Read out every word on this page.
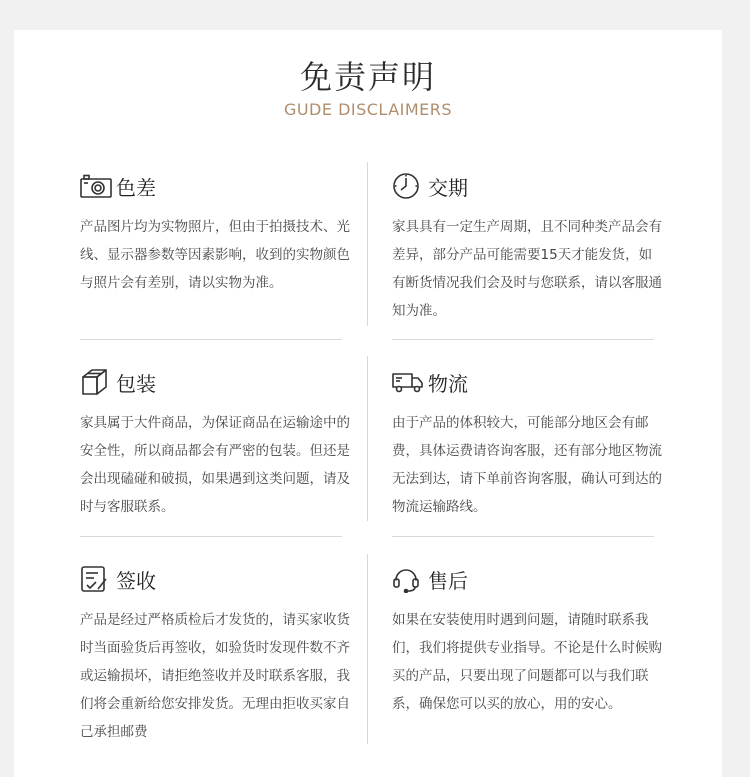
免责声明
GUDE DISCLAIMERS
色差
产品图片均为实物照片，但由于拍摄技术、光线、显示器参数等因素影响，收到的实物颜色与照片会有差别，请以实物为准。
交期
家具具有一定生产周期，且不同种类产品会有差异，部分产品可能需要15天才能发货，如有断货情况我们会及时与您联系，请以客服通知为准。
包装
家具属于大件商品，为保证商品在运输途中的安全性，所以商品都会有严密的包装。但还是会出现磕碰和破损，如果遇到这类问题，请及时与客服联系。
物流
由于产品的体积较大，可能部分地区会有邮费，具体运费请咨询客服，还有部分地区物流无法到达，请下单前咨询客服，确认可到达的物流运输路线。
签收
产品是经过严格质检后才发货的，请买家收货时当面验货后再签收，如验货时发现件数不齐或运输损坏，请拒绝签收并及时联系客服，我们将会重新给您安排发货。无理由拒收买家自己承担邮费
售后
如果在安装使用时遇到问题，请随时联系我们，我们将提供专业指导。不论是什么时候购买的产品，只要出现了问题都可以与我们联系，确保您可以买的放心，用的安心。
